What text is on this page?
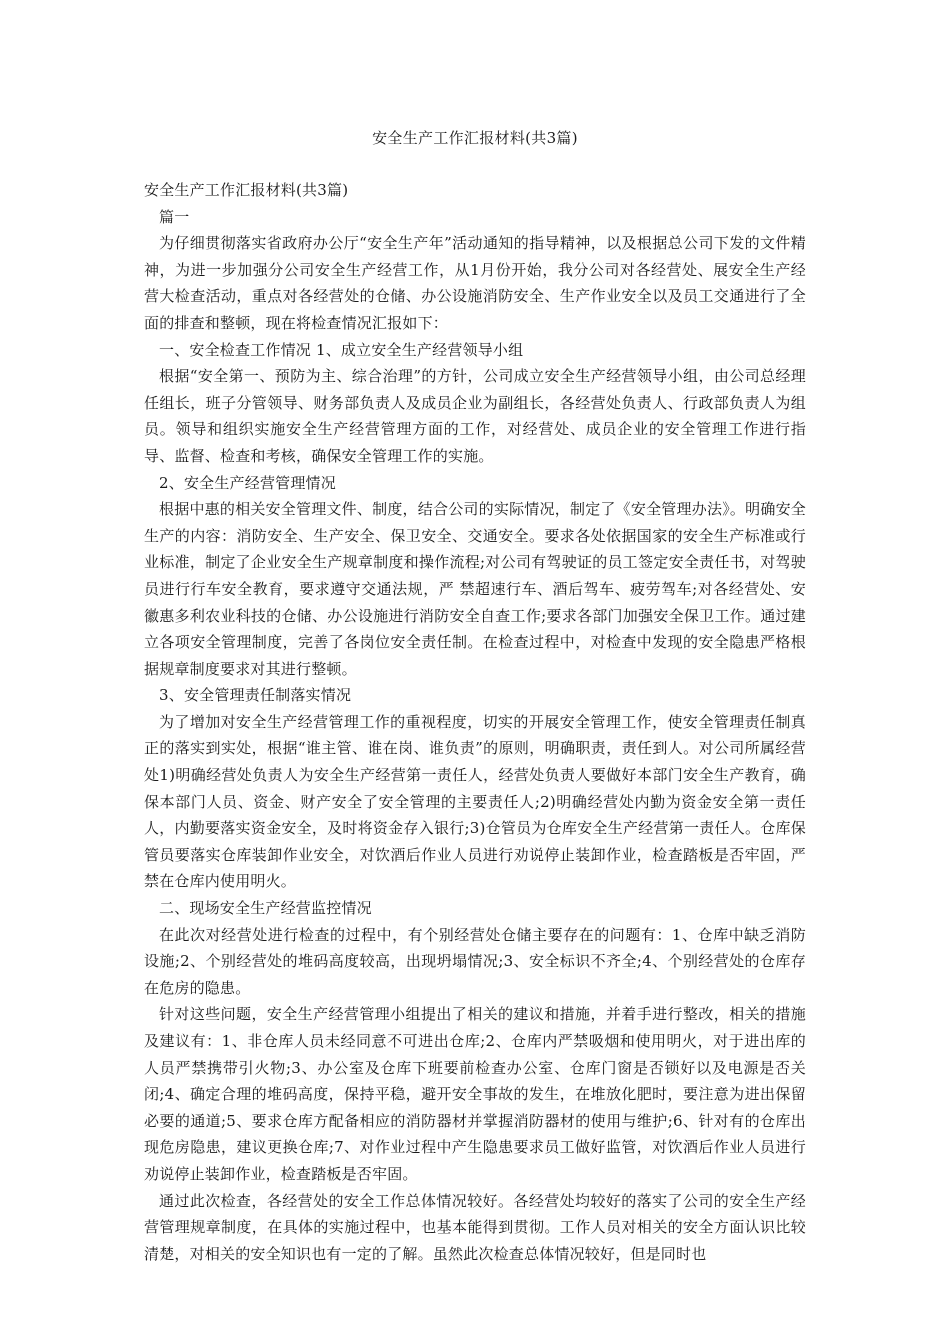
安全生产工作汇报材料(共3篇)

安全生产工作汇报材料(共3篇)

篇一

为仔细贯彻落实省政府办公厅“安全生产年”活动通知的指导精神，以及根据总公司下发的文件精神，为进一步加强分公司安全生产经营工作，从1月份开始，我分公司对各经营处、展安全生产经营大检查活动，重点对各经营处的仓储、办公设施消防安全、生产作业安全以及员工交通进行了全面的排查和整顿，现在将检查情况汇报如下：

一、安全检查工作情况 1、成立安全生产经营领导小组

根据“安全第一、预防为主、综合治理”的方针，公司成立安全生产经营领导小组，由公司总经理任组长，班子分管领导、财务部负责人及成员企业为副组长，各经营处负责人、行政部负责人为组员。领导和组织实施安全生产经营管理方面的工作，对经营处、成员企业的安全管理工作进行指导、监督、检查和考核，确保安全管理工作的实施。

2、安全生产经营管理情况

根据中惠的相关安全管理文件、制度，结合公司的实际情况，制定了《安全管理办法》。明确安全生产的内容：消防安全、生产安全、保卫安全、交通安全。要求各处依据国家的安全生产标准或行业标准，制定了企业安全生产规章制度和操作流程;对公司有驾驶证的员工签定安全责任书，对驾驶员进行行车安全教育，要求遵守交通法规，严 禁超速行车、酒后驾车、疲劳驾车;对各经营处、安徽惠多利农业科技的仓储、办公设施进行消防安全自查工作;要求各部门加强安全保卫工作。通过建立各项安全管理制度，完善了各岗位安全责任制。在检查过程中，对检查中发现的安全隐患严格根据规章制度要求对其进行整顿。

3、安全管理责任制落实情况

为了增加对安全生产经营管理工作的重视程度，切实的开展安全管理工作，使安全管理责任制真正的落实到实处，根据“谁主管、谁在岗、谁负责”的原则，明确职责，责任到人。对公司所属经营处1)明确经营处负责人为安全生产经营第一责任人，经营处负责人要做好本部门安全生产教育，确保本部门人员、资金、财产安全了安全管理的主要责任人;2)明确经营处内勤为资金安全第一责任人，内勤要落实资金安全，及时将资金存入银行;3)仓管员为仓库安全生产经营第一责任人。仓库保管员要落实仓库装卸作业安全，对饮酒后作业人员进行劝说停止装卸作业，检查踏板是否牢固，严禁在仓库内使用明火。

二、现场安全生产经营监控情况

在此次对经营处进行检查的过程中，有个别经营处仓储主要存在的问题有：1、仓库中缺乏消防设施;2、个别经营处的堆码高度较高，出现坍塌情况;3、安全标识不齐全;4、个别经营处的仓库存在危房的隐患。

针对这些问题，安全生产经营管理小组提出了相关的建议和措施，并着手进行整改，相关的措施及建议有：1、非仓库人员未经同意不可进出仓库;2、仓库内严禁吸烟和使用明火，对于进出库的人员严禁携带引火物;3、办公室及仓库下班要前检查办公室、仓库门窗是否锁好以及电源是否关闭;4、确定合理的堆码高度，保持平稳，避开安全事故的发生，在堆放化肥时，要注意为进出保留必要的通道;5、要求仓库方配备相应的消防器材并掌握消防器材的使用与维护;6、针对有的仓库出现危房隐患，建议更换仓库;7、对作业过程中产生隐患要求员工做好监管，对饮酒后作业人员进行劝说停止装卸作业，检查踏板是否牢固。

通过此次检查，各经营处的安全工作总体情况较好。各经营处均较好的落实了公司的安全生产经营管理规章制度，在具体的实施过程中，也基本能得到贯彻。工作人员对相关的安全方面认识比较清楚，对相关的安全知识也有一定的了解。虽然此次检查总体情况较好，但是同时也
